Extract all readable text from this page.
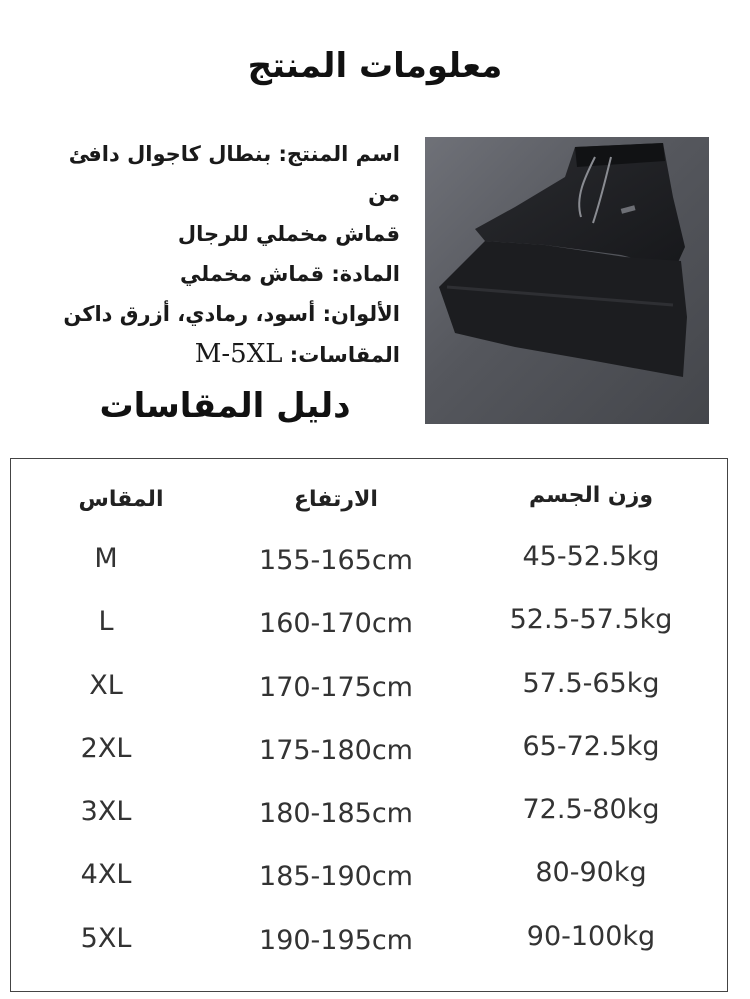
معلومات المنتج
اسم المنتج: بنطال كاجوال دافئ من
قماش مخملي للرجال
المادة: قماش مخملي
الألوان: أسود، رمادي، أزرق داكن
المقاسات: M-5XL
دليل المقاسات
المقاس	الارتفاع	وزن الجسم
M	155-165cm	45-52.5kg
L	160-170cm	52.5-57.5kg
XL	170-175cm	57.5-65kg
2XL	175-180cm	65-72.5kg
3XL	180-185cm	72.5-80kg
4XL	185-190cm	80-90kg
5XL	190-195cm	90-100kg
